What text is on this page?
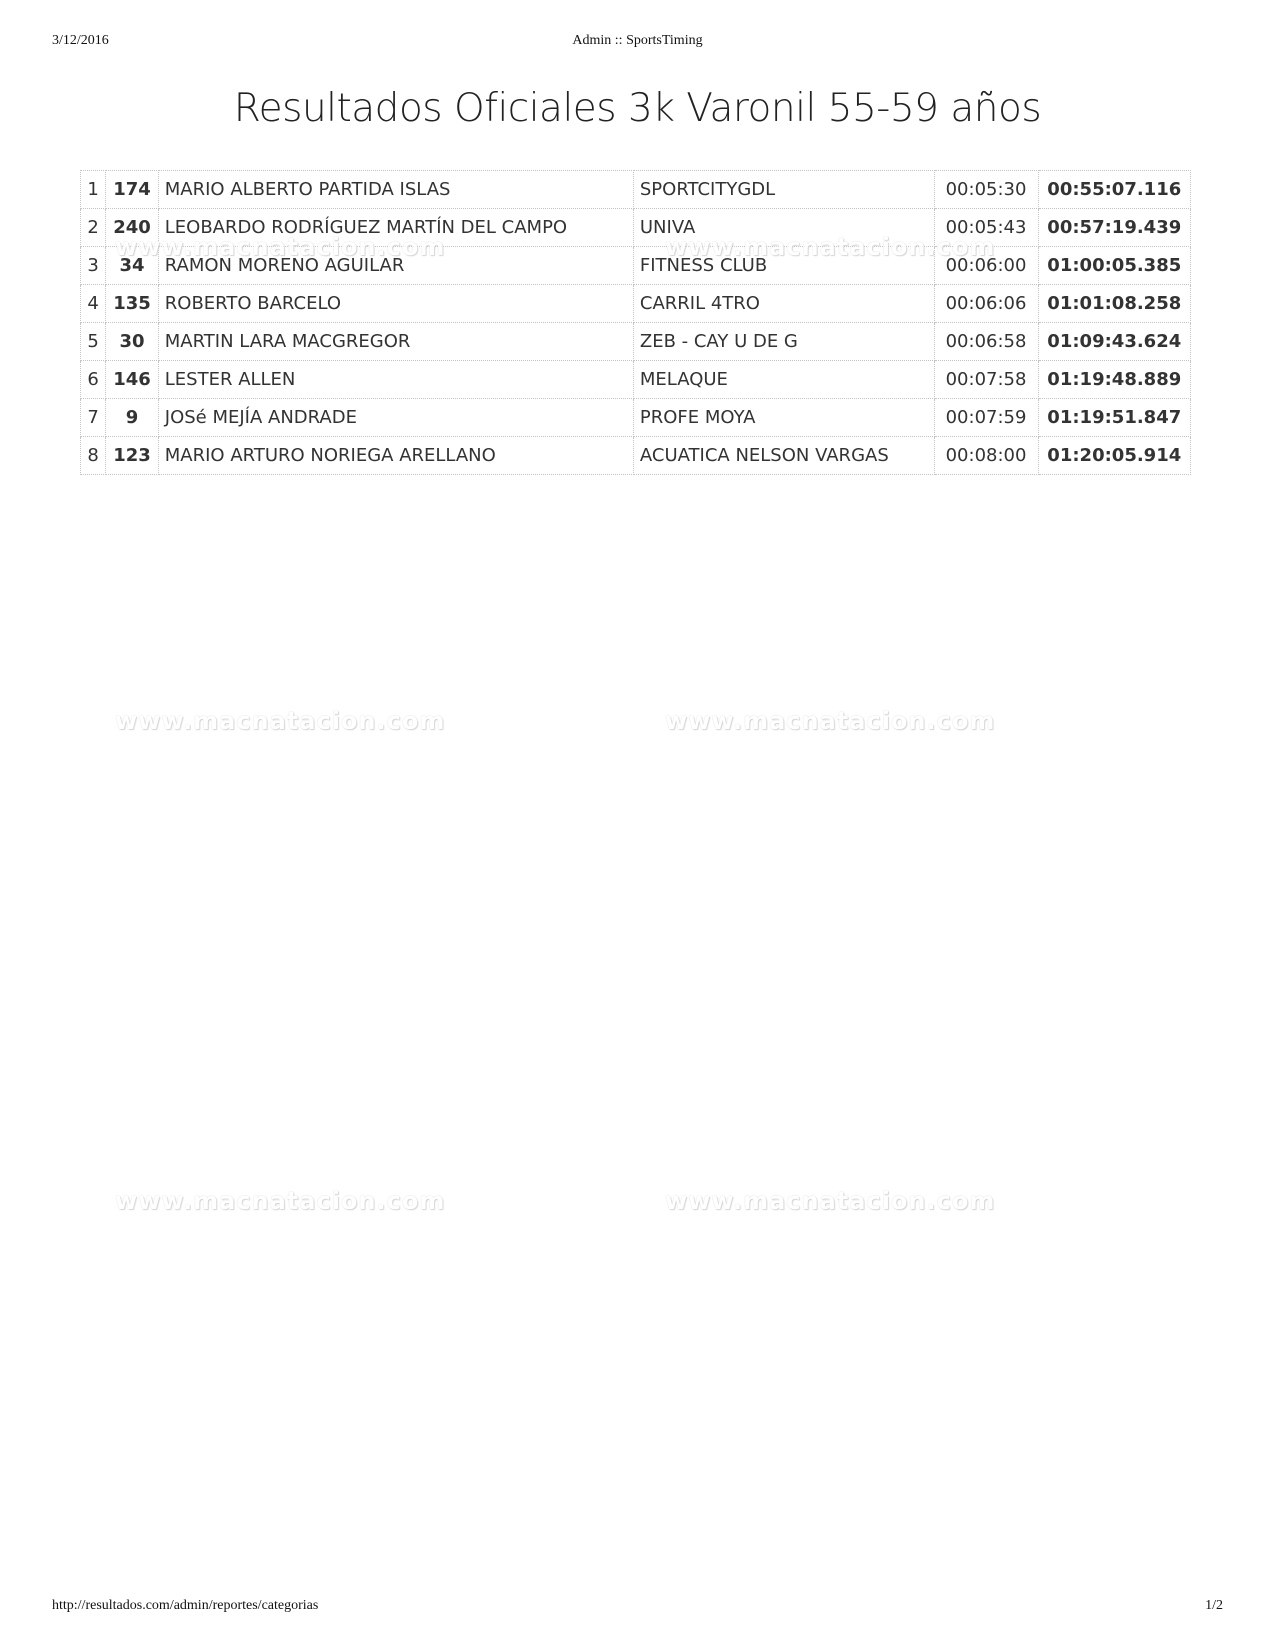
3/12/2016	Admin :: SportsTiming
Resultados Oficiales 3k Varonil 55-59 años
1	174	MARIO ALBERTO PARTIDA ISLAS	SPORTCITYGDL	00:05:30	00:55:07.116
2	240	LEOBARDO RODRÍGUEZ MARTÍN DEL CAMPO	UNIVA	00:05:43	00:57:19.439
3	34	RAMON MORENO AGUILAR	FITNESS CLUB	00:06:00	01:00:05.385
4	135	ROBERTO BARCELO	CARRIL 4TRO	00:06:06	01:01:08.258
5	30	MARTIN LARA MACGREGOR	ZEB - CAY U DE G	00:06:58	01:09:43.624
6	146	LESTER ALLEN	MELAQUE	00:07:58	01:19:48.889
7	9	JOSé MEJÍA ANDRADE	PROFE MOYA	00:07:59	01:19:51.847
8	123	MARIO ARTURO NORIEGA ARELLANO	ACUATICA NELSON VARGAS	00:08:00	01:20:05.914
www.macnatacion.com	www.macnatacion.com
www.macnatacion.com	www.macnatacion.com
www.macnatacion.com	www.macnatacion.com
http://resultados.com/admin/reportes/categorias	1/2
